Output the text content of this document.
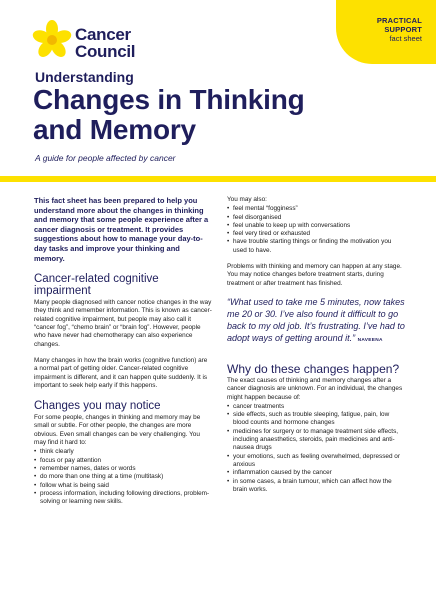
Cancer
Council
PRACTICAL
SUPPORT
fact sheet
Understanding
Changes in Thinking and Memory
A guide for people affected by cancer
This fact sheet has been prepared to help you understand more about the changes in thinking and memory that some people experience after a cancer diagnosis or treatment. It provides suggestions about how to manage your day-to-day tasks and improve your thinking and memory.
Cancer-related cognitive impairment
Many people diagnosed with cancer notice changes in the way they think and remember information. This is known as cancer-related cognitive impairment, but people may also call it “cancer fog”, “chemo brain” or “brain fog”. However, people who have never had chemotherapy can also experience changes.
Many changes in how the brain works (cognitive function) are a normal part of getting older. Cancer-related cognitive impairment is different, and it can happen quite suddenly. It is important to seek help early if this happens.
Changes you may notice
For some people, changes in thinking and memory may be small or subtle. For other people, the changes are more obvious. Even small changes can be very challenging. You may find it hard to:
• think clearly
• focus or pay attention
• remember names, dates or words
• do more than one thing at a time (multitask)
• follow what is being said
• process information, including following directions, problem-solving or learning new skills.
You may also:
• feel mental “fogginess”
• feel disorganised
• feel unable to keep up with conversations
• feel very tired or exhausted
• have trouble starting things or finding the motivation you used to have.
Problems with thinking and memory can happen at any stage. You may notice changes before treatment starts, during treatment or after treatment has finished.
“What used to take me 5 minutes, now takes me 20 or 30. I’ve also found it difficult to go back to my old job. It’s frustrating. I’ve had to adopt ways of getting around it.” NAVEENA
Why do these changes happen?
The exact causes of thinking and memory changes after a cancer diagnosis are unknown. For an individual, the changes might happen because of:
• cancer treatments
• side effects, such as trouble sleeping, fatigue, pain, low blood counts and hormone changes
• medicines for surgery or to manage treatment side effects, including anaesthetics, steroids, pain medicines and anti-nausea drugs
• your emotions, such as feeling overwhelmed, depressed or anxious
• inflammation caused by the cancer
• in some cases, a brain tumour, which can affect how the brain works.
